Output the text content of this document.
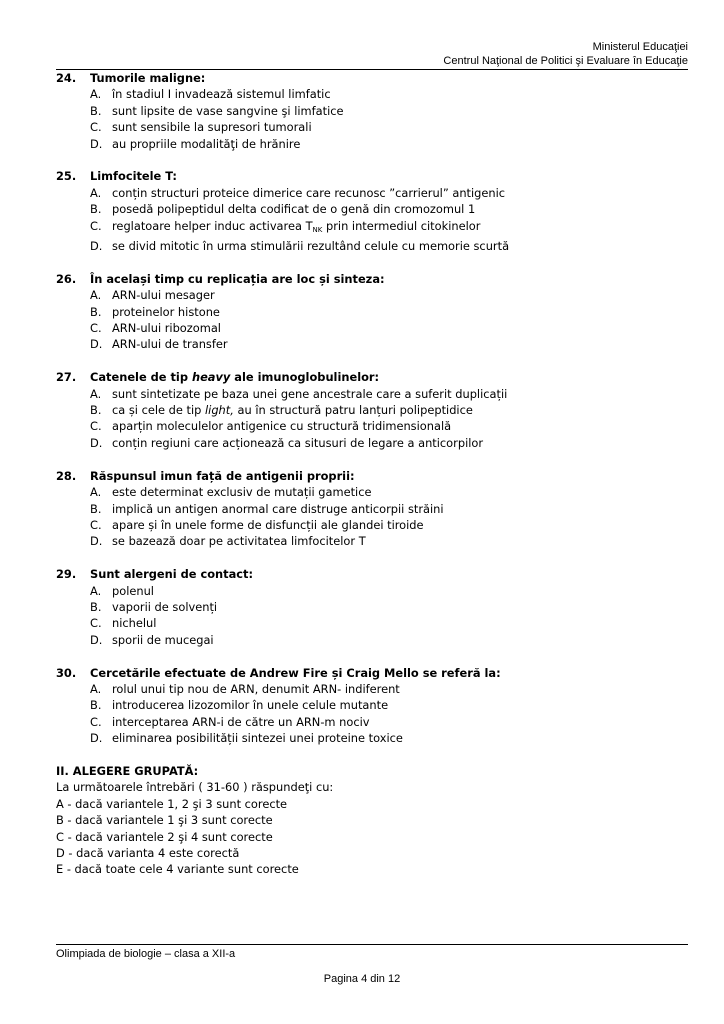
Ministerul Educaţiei
Centrul Naţional de Politici şi Evaluare în Educaţie
24. Tumorile maligne:
A. în stadiul I invadează sistemul limfatic
B. sunt lipsite de vase sangvine şi limfatice
C. sunt sensibile la supresori tumorali
D. au propriile modalităţi de hrănire
25. Limfocitele T:
A. conțin structuri proteice dimerice care recunosc ”carrierul” antigenic
B. posedă polipeptidul delta codificat de o genă din cromozomul 1
C. reglatoare helper induc activarea $T_{NK}$ prin intermediul citokinelor
D. se divid mitotic în urma stimulării rezultând celule cu memorie scurtă
26. În același timp cu replicația are loc și sinteza:
A. ARN-ului mesager
B. proteinelor histone
C. ARN-ului ribozomal
D. ARN-ului de transfer
27. Catenele de tip heavy ale imunoglobulinelor:
A. sunt sintetizate pe baza unei gene ancestrale care a suferit duplicații
B. ca și cele de tip light, au în structură patru lanțuri polipeptidice
C. aparțin moleculelor antigenice cu structură tridimensională
D. conțin regiuni care acționează ca situsuri de legare a anticorpilor
28. Răspunsul imun față de antigenii proprii:
A. este determinat exclusiv de mutații gametice
B. implică un antigen anormal care distruge anticorpii străini
C. apare și în unele forme de disfuncții ale glandei tiroide
D. se bazează doar pe activitatea limfocitelor T
29. Sunt alergeni de contact:
A. polenul
B. vaporii de solvenți
C. nichelul
D. sporii de mucegai
30. Cercetările efectuate de Andrew Fire și Craig Mello se referă la:
A. rolul unui tip nou de ARN, denumit ARN- indiferent
B. introducerea lizozomilor în unele celule mutante
C. interceptarea ARN-i de către un ARN-m nociv
D. eliminarea posibilității sintezei unei proteine toxice
II. ALEGERE GRUPATĂ:
La următoarele întrebări ( 31-60 ) răspundeţi cu:
A - dacă variantele 1, 2 şi 3 sunt corecte
B - dacă variantele 1 şi 3 sunt corecte
C - dacă variantele 2 şi 4 sunt corecte
D - dacă varianta 4 este corectă
E - dacă toate cele 4 variante sunt corecte
Olimpiada de biologie – clasa a XII-a
Pagina 4 din 12
